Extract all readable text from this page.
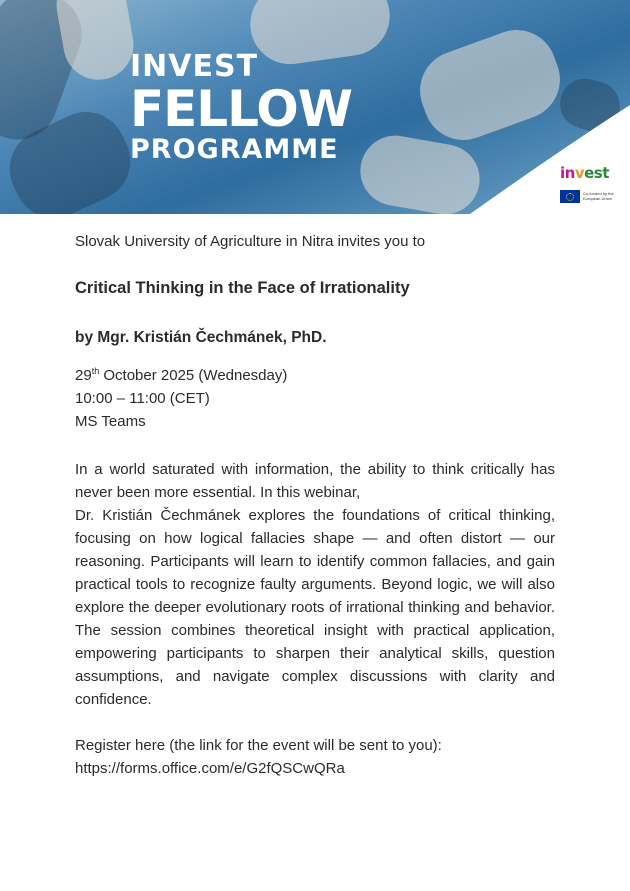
INVEST
FELLOW
PROGRAMME
invest
Co-funded by the European Union
Slovak University of Agriculture in Nitra invites you to
Critical Thinking in the Face of Irrationality
by Mgr. Kristián Čechmánek, PhD.
29th October 2025 (Wednesday)
10:00 – 11:00 (CET)
MS Teams
In a world saturated with information, the ability to think critically has never been more essential. In this webinar,
Dr. Kristián Čechmánek explores the foundations of critical thinking, focusing on how logical fallacies shape — and often distort — our reasoning. Participants will learn to identify common fallacies, and gain practical tools to recognize faulty arguments. Beyond logic, we will also explore the deeper evolutionary roots of irrational thinking and behavior. The session combines theoretical insight with practical application, empowering participants to sharpen their analytical skills, question assumptions, and navigate complex discussions with clarity and confidence.
Register here (the link for the event will be sent to you):
https://forms.office.com/e/G2fQSCwQRa
